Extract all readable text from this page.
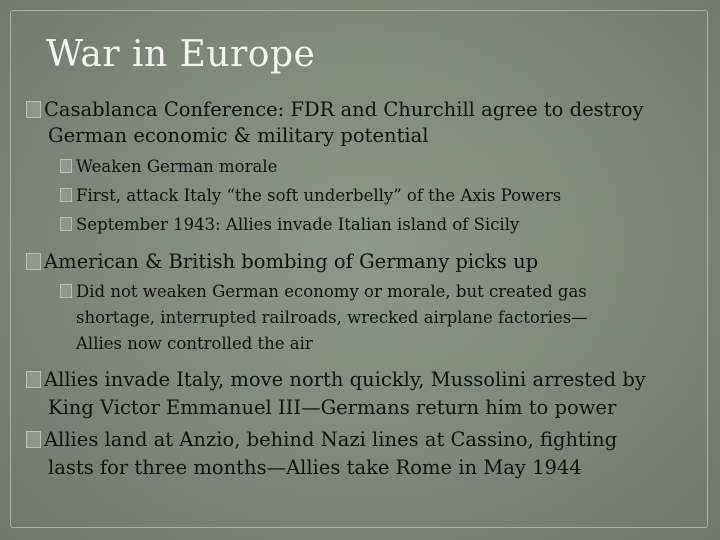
War in Europe
Casablanca Conference: FDR and Churchill agree to destroy
German economic & military potential
Weaken German morale
First, attack Italy “the soft underbelly” of the Axis Powers
September 1943: Allies invade Italian island of Sicily
American & British bombing of Germany picks up
Did not weaken German economy or morale, but created gas
shortage, interrupted railroads, wrecked airplane factories—
Allies now controlled the air
Allies invade Italy, move north quickly, Mussolini arrested by
King Victor Emmanuel III—Germans return him to power
Allies land at Anzio, behind Nazi lines at Cassino, fighting
lasts for three months—Allies take Rome in May 1944
